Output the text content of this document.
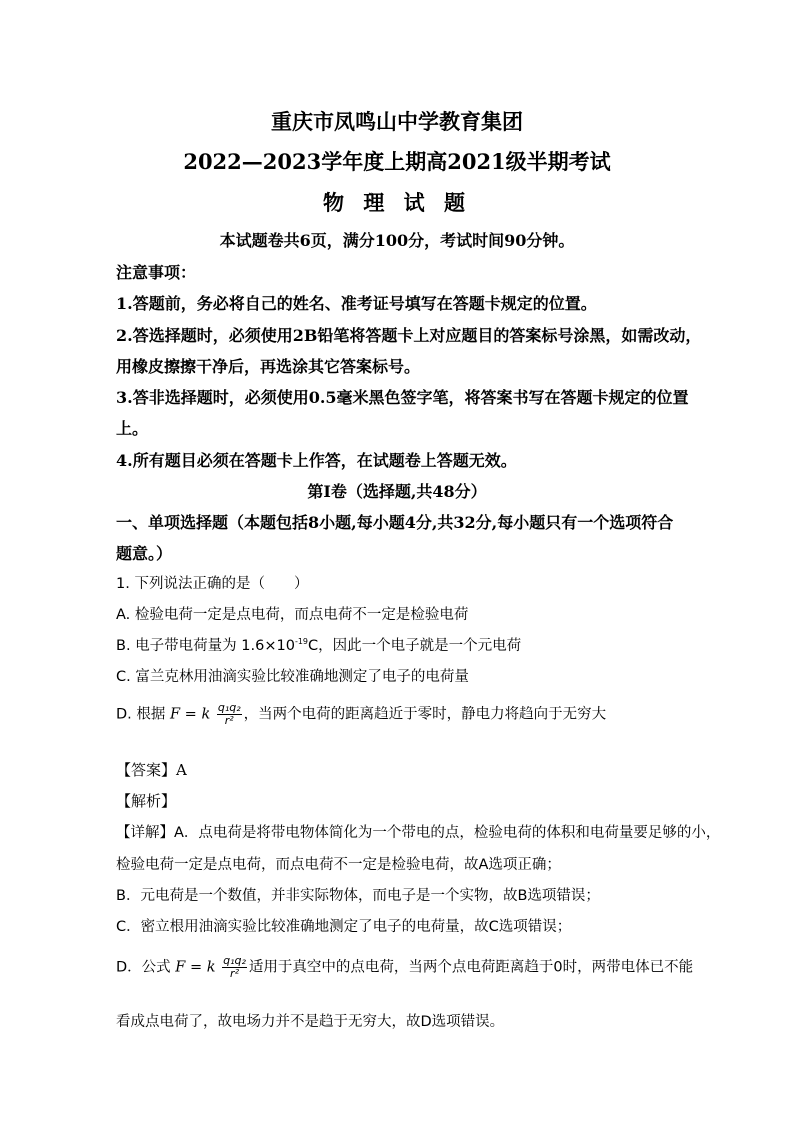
重庆市凤鸣山中学教育集团
2022—2023学年度上期高2021级半期考试
物 理 试 题
本试题卷共6页，满分100分，考试时间90分钟。
注意事项：
1.答题前，务必将自己的姓名、准考证号填写在答题卡规定的位置。
2.答选择题时，必须使用2B铅笔将答题卡上对应题目的答案标号涂黑，如需改动，
用橡皮擦擦干净后，再选涂其它答案标号。
3.答非选择题时，必须使用0.5毫米黑色签字笔，将答案书写在答题卡规定的位置
上。
4.所有题目必须在答题卡上作答，在试题卷上答题无效。
第Ⅰ卷（选择题,共48分）
一、单项选择题（本题包括8小题,每小题4分,共32分,每小题只有一个选项符合
题意。）
1. 下列说法正确的是（　　）
A. 检验电荷一定是点电荷，而点电荷不一定是检验电荷
B. 电子带电荷量为 $1.6\times 10^{-19}C$，因此一个电子就是一个元电荷
C. 富兰克林用油滴实验比较准确地测定了电子的电荷量
D. 根据 F = k $\frac{\text{q₁q₂}}{\text{r²}}$ ，当两个电荷的距离趋近于零时，静电力将趋向于无穷大
【答案】A
【解析】
【详解】A．点电荷是将带电物体简化为一个带电的点，检验电荷的体积和电荷量要足够的小，
检验电荷一定是点电荷，而点电荷不一定是检验电荷，故A选项正确；
B．元电荷是一个数值，并非实际物体，而电子是一个实物，故B选项错误；
C．密立根用油滴实验比较准确地测定了电子的电荷量，故C选项错误；
D．公式 F = k $\frac{\text{q₁q₂}}{\text{r²}}$ 适用于真空中的点电荷，当两个点电荷距离趋于0时，两带电体已不能
看成点电荷了，故电场力并不是趋于无穷大，故D选项错误。
